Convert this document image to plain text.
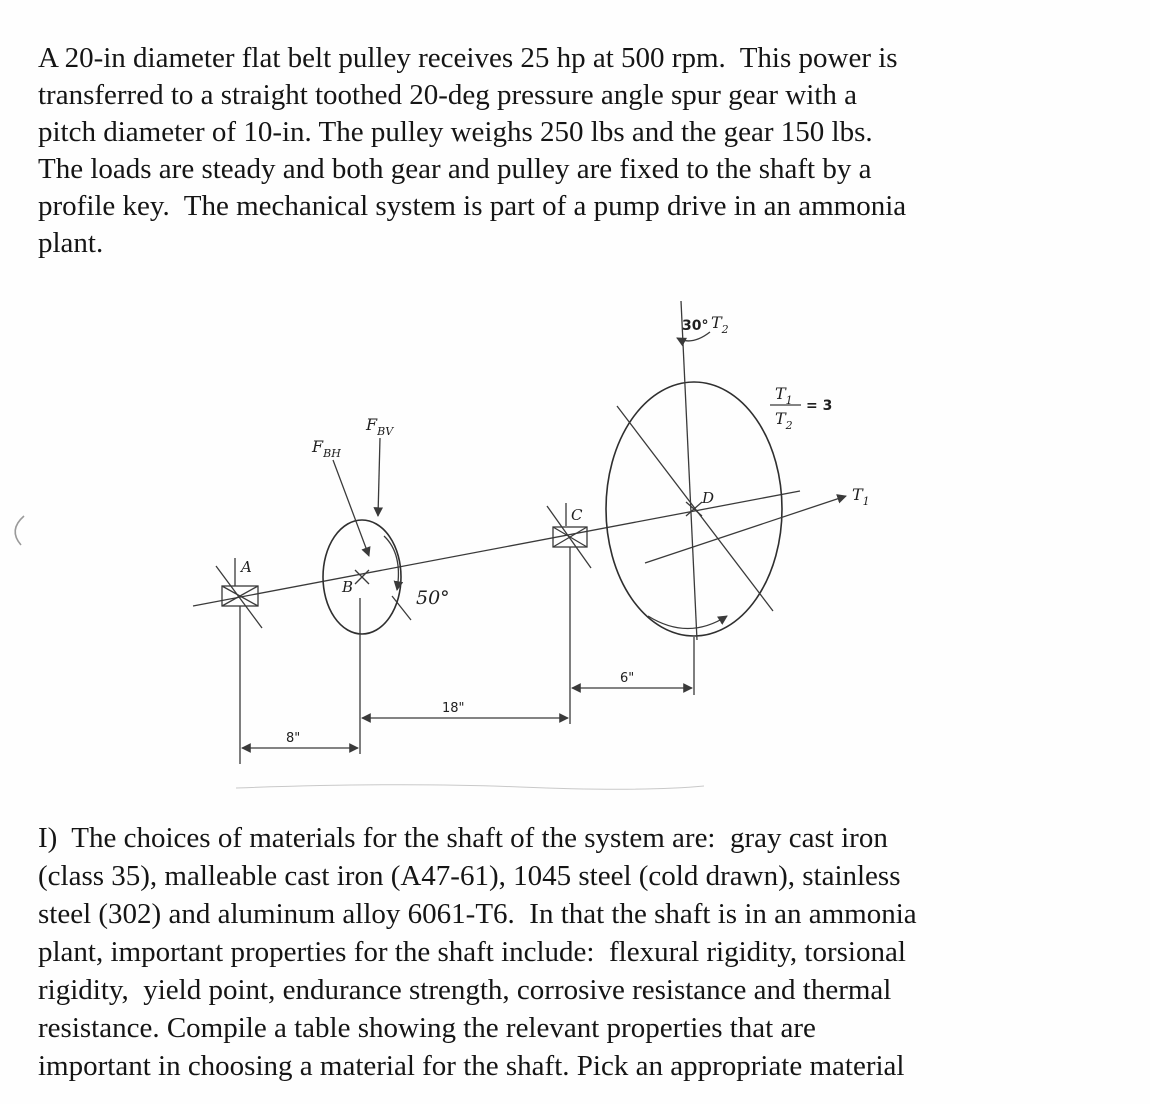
A 20-in diameter flat belt pulley receives 25 hp at 500 rpm.  This power is
transferred to a straight toothed 20-deg pressure angle spur gear with a
pitch diameter of 10-in. The pulley weighs 250 lbs and the gear 150 lbs.
The loads are steady and both gear and pulley are fixed to the shaft by a
profile key.  The mechanical system is part of a pump drive in an ammonia
plant.
A
B
$F_{BV}$
$F_{BH}$
50°
C
30° $T_2$
$T_1$
$T_2$
= 3
$T_1$
D
6"
18"
8"
I)  The choices of materials for the shaft of the system are:  gray cast iron
(class 35), malleable cast iron (A47-61), 1045 steel (cold drawn), stainless
steel (302) and aluminum alloy 6061-T6.  In that the shaft is in an ammonia
plant, important properties for the shaft include:  flexural rigidity, torsional
rigidity,  yield point, endurance strength, corrosive resistance and thermal
resistance. Compile a table showing the relevant properties that are
important in choosing a material for the shaft. Pick an appropriate material
